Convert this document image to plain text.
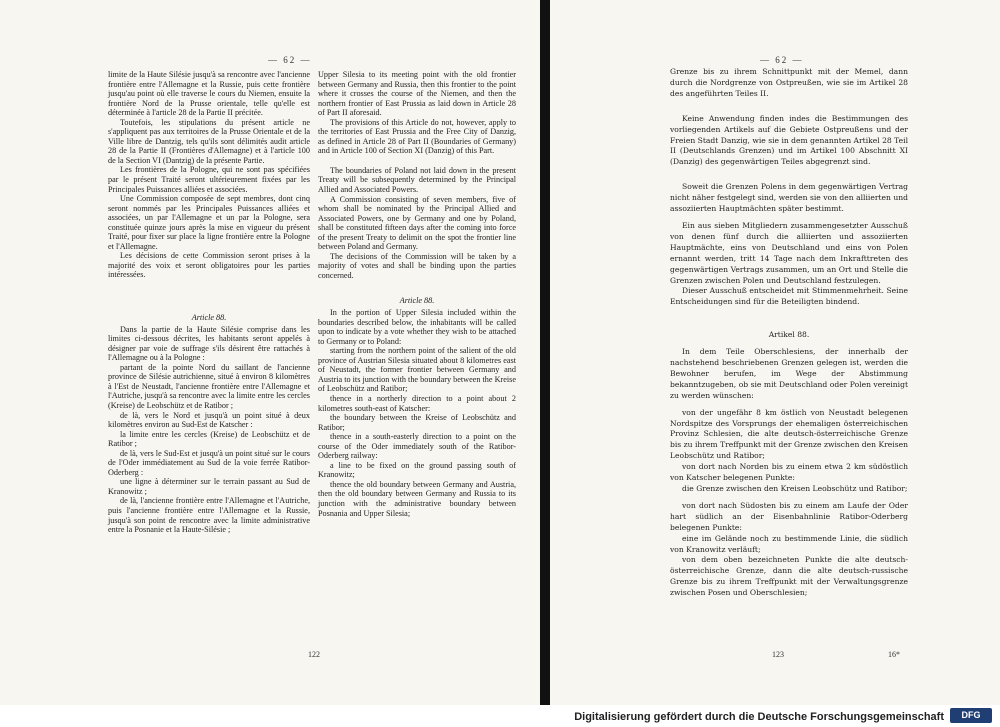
— 62 —

limite de la Haute Silésie jusqu'à sa rencontre avec l'ancienne frontière entre l'Allemagne et la Russie, puis cette frontière jusqu'au point où elle traverse le cours du Niemen, ensuite la frontière Nord de la Prusse orientale, telle qu'elle est déterminée à l'article 28 de la Partie II précitée.

Toutefois, les stipulations du présent article ne s'appliquent pas aux territoires de la Prusse Orientale et de la Ville libre de Dantzig, tels qu'ils sont délimités audit article 28 de la Partie II (Frontières d'Allemagne) et à l'article 100 de la Section VI (Dantzig) de la présente Partie.

Les frontières de la Pologne, qui ne sont pas spécifiées par le présent Traité seront ultérieurement fixées par les Principales Puissances alliées et associées.

Une Commission composée de sept membres, dont cinq seront nommés par les Principales Puissances alliées et associées, un par l'Allemagne et un par la Pologne, sera constituée quinze jours après la mise en vigueur du présent Traité, pour fixer sur place la ligne frontière entre la Pologne et l'Allemagne.

Les décisions de cette Commission seront prises à la majorité des voix et seront obligatoires pour les parties intéressées.

Article 88.

Dans la partie de la Haute Silésie comprise dans les limites ci-dessous décrites, les habitants seront appelés à désigner par voie de suffrage s'ils désirent être rattachés à l'Allemagne ou à la Pologne :

partant de la pointe Nord du saillant de l'ancienne province de Silésie autrichienne, situé à environ 8 kilomètres à l'Est de Neustadt, l'ancienne frontière entre l'Allemagne et l'Autriche, jusqu'à sa rencontre avec la limite entre les cercles (Kreise) de Leobschütz et de Ratibor ;

de là, vers le Nord et jusqu'à un point situé à deux kilomètres environ au Sud-Est de Katscher :

la limite entre les cercles (Kreise) de Leobschütz et de Ratibor ;

de là, vers le Sud-Est et jusqu'à un point situé sur le cours de l'Oder immédiatement au Sud de la voie ferrée Ratibor-Oderberg :

une ligne à déterminer sur le terrain passant au Sud de Kranowitz ;

de là, l'ancienne frontière entre l'Allemagne et l'Autriche, puis l'ancienne frontière entre l'Allemagne et la Russie, jusqu'à son point de rencontre avec la limite administrative entre la Posnanie et la Haute-Silésie ;

Upper Silesia to its meeting point with the old frontier between Germany and Russia, then this frontier to the point where it crosses the course of the Niemen, and then the northern frontier of East Prussia as laid down in Article 28 of Part II aforesaid.

The provisions of this Article do not, however, apply to the territories of East Prussia and the Free City of Danzig, as defined in Article 28 of Part II (Boundaries of Germany) and in Article 100 of Section XI (Danzig) of this Part.

The boundaries of Poland not laid down in the present Treaty will be subsequently determined by the Principal Allied and Associated Powers.

A Commission consisting of seven members, five of whom shall be nominated by the Principal Allied and Associated Powers, one by Germany and one by Poland, shall be constituted fifteen days after the coming into force of the present Treaty to delimit on the spot the frontier line between Poland and Germany.

The decisions of the Commission will be taken by a majority of votes and shall be binding upon the parties concerned.

Article 88.

In the portion of Upper Silesia included within the boundaries described below, the inhabitants will be called upon to indicate by a vote whether they wish to be attached to Germany or to Poland:

starting from the northern point of the salient of the old province of Austrian Silesia situated about 8 kilometres east of Neustadt, the former frontier between Germany and Austria to its junction with the boundary between the Kreise of Leobschütz and Ratibor;

thence in a northerly direction to a point about 2 kilometres south-east of Katscher:

the boundary between the Kreise of Leobschütz and Ratibor;

thence in a south-easterly direction to a point on the course of the Oder immediately south of the Ratibor-Oderberg railway:

a line to be fixed on the ground passing south of Kranowitz;

thence the old boundary between Germany and Austria, then the old boundary between Germany and Russia to its junction with the administrative boundary between Posnania and Upper Silesia;

122
— 62 —

Grenze bis zu ihrem Schnittpunkt mit der Memel, dann durch die Nordgrenze von Ostpreußen, wie sie im Artikel 28 des angeführten Teiles II.

Keine Anwendung finden indes die Bestimmungen des vorliegenden Artikels auf die Gebiete Ostpreußens und der Freien Stadt Danzig, wie sie in dem genannten Artikel 28 Teil II (Deutschlands Grenzen) und im Artikel 100 Abschnitt XI (Danzig) des gegenwärtigen Teiles abgegrenzt sind.

Soweit die Grenzen Polens in dem gegenwärtigen Vertrag nicht näher festgelegt sind, werden sie von den alliierten und assoziierten Hauptmächten später bestimmt.

Ein aus sieben Mitgliedern zusammengesetzter Ausschuß von denen fünf durch die alliierten und assoziierten Hauptmächte, eins von Deutschland und eins von Polen ernannt werden, tritt 14 Tage nach dem Inkrafttreten des gegenwärtigen Vertrags zusammen, um an Ort und Stelle die Grenzen zwischen Polen und Deutschland festzulegen.

Dieser Ausschuß entscheidet mit Stimmenmehrheit. Seine Entscheidungen sind für die Beteiligten bindend.

Artikel 88.

In dem Teile Oberschlesiens, der innerhalb der nachstehend beschriebenen Grenzen gelegen ist, werden die Bewohner berufen, im Wege der Abstimmung bekanntzugeben, ob sie mit Deutschland oder Polen vereinigt zu werden wünschen:

von der ungefähr 8 km östlich von Neustadt belegenen Nordspitze des Vorsprungs der ehemaligen österreichischen Provinz Schlesien, die alte deutsch-österreichische Grenze bis zu ihrem Treffpunkt mit der Grenze zwischen den Kreisen Leobschütz und Ratibor;

von dort nach Norden bis zu einem etwa 2 km südöstlich von Katscher belegenen Punkte:

die Grenze zwischen den Kreisen Leobschütz und Ratibor;

von dort nach Südosten bis zu einem am Laufe der Oder hart südlich an der Eisenbahnlinie Ratibor-Oderberg belegenen Punkte:

eine im Gelände noch zu bestimmende Linie, die südlich von Kranowitz verläuft;

von dem oben bezeichneten Punkte die alte deutsch-österreichische Grenze, dann die alte deutsch-russische Grenze bis zu ihrem Treffpunkt mit der Verwaltungsgrenze zwischen Posen und Oberschlesien;

123	16*
Digitalisierung gefördert durch die Deutsche Forschungsgemeinschaft	DFG
